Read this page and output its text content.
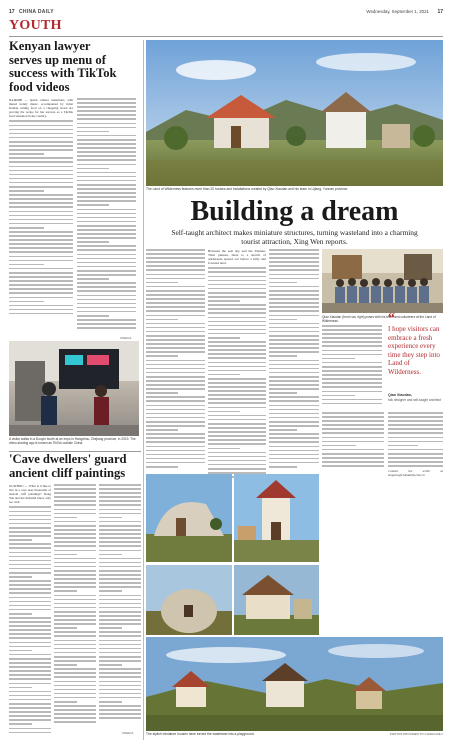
17 CHINA DAILY	Wednesday, September 1, 2021 17
YOUTH
Kenyan lawyer serves up menu of success with TikTok food videos
NAIROBI — Quick camera transitions, with muted trendy music, accompanied by Juliet Kamau cutting food on a chopping board are proving the recipe for her success as a TikTok food sensation in her country.
XINHUA
A visitor walks in a Douyin booth at an expo in Hangzhou, Zhejiang province, in 2019. The video-sharing app is known as TikTok outside China.
'Cave dwellers' guard ancient cliff paintings
GUIZHOU — What is it like to live in a cave near thousands of ancient cliff paintings? Dong Yan and her husband know only too well.
XINHUA
The Land of Wilderness features more than 20 houses and installations created by Qiao Xiaodan and his team in Lijiang, Yunnan province.
Building a dream
Self-taught architect makes miniature structures, turning wasteland into a charming tourist attraction, Xing Wen reports.
Between the east sky and the Yunnan-Tibet plateau, there is a stretch of wilderness spread out before a hilly and forested land.
Qiao Xiaodan (front row, right) poses with his team and volunteers at the Land of Wilderness.	“
I hope visitors can embrace a fresh experience every time they step into Land of Wilderness.
Qiao Xiaodan,
folk designer and self-taught architect
Contact the writer at xingwen@chinadaily.com.cn
The stylish miniature houses have turned the wasteland into a playground.	PHOTOS PROVIDED TO CHINA DAILY
